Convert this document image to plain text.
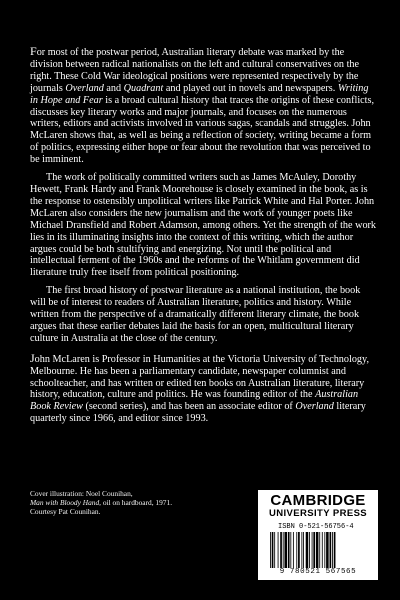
For most of the postwar period, Australian literary debate was marked by the division between radical nationalists on the left and cultural conservatives on the right. These Cold War ideological positions were represented respectively by the journals Overland and Quadrant and played out in novels and newspapers. Writing in Hope and Fear is a broad cultural history that traces the origins of these conflicts, discusses key literary works and major journals, and focuses on the numerous writers, editors and activists involved in various sagas, scandals and struggles. John McLaren shows that, as well as being a reflection of society, writing became a form of politics, expressing either hope or fear about the revolution that was perceived to be imminent.

The work of politically committed writers such as James McAuley, Dorothy Hewett, Frank Hardy and Frank Moorehouse is closely examined in the book, as is the response to ostensibly unpolitical writers like Patrick White and Hal Porter. John McLaren also considers the new journalism and the work of younger poets like Michael Dransfield and Robert Adamson, among others. Yet the strength of the work lies in its illuminating insights into the context of this writing, which the author argues could be both stultifying and energizing. Not until the political and intellectual ferment of the 1960s and the reforms of the Whitlam government did literature truly free itself from political positioning.

The first broad history of postwar literature as a national institution, the book will be of interest to readers of Australian literature, politics and history. While written from the perspective of a dramatically different literary climate, the book argues that these earlier debates laid the basis for an open, multicultural literary culture in Australia at the close of the century.

John McLaren is Professor in Humanities at the Victoria University of Technology, Melbourne. He has been a parliamentary candidate, newspaper columnist and schoolteacher, and has written or edited ten books on Australian literature, literary history, education, culture and politics. He was founding editor of the Australian Book Review (second series), and has been an associate editor of Overland literary quarterly since 1966, and editor since 1993.

Cover illustration: Noel Counihan,
Man with Bloody Hand, oil on hardboard, 1971.
Courtesy Pat Counihan.
CAMBRIDGE
UNIVERSITY PRESS
ISBN 0-521-56756-4
9 780521 567565
